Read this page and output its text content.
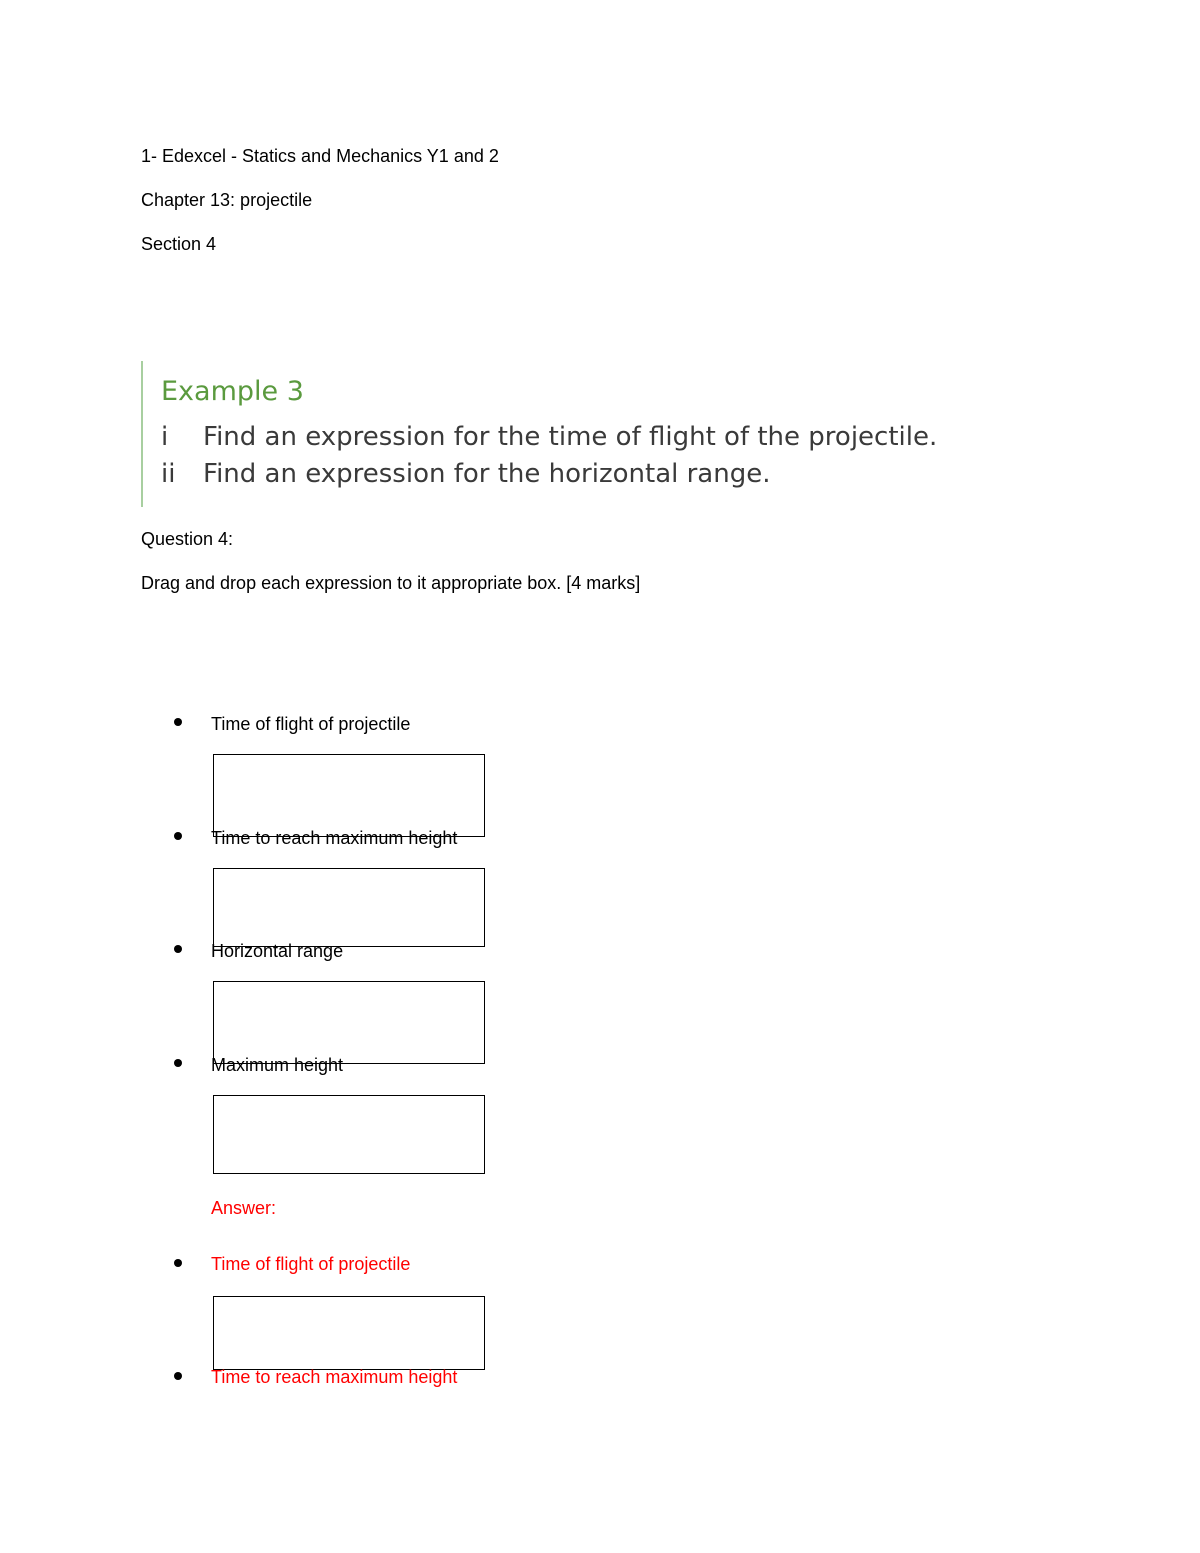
1- Edexcel - Statics and Mechanics Y1 and 2
Chapter 13: projectile
Section 4
Example 3
i Find an expression for the time of flight of the projectile.
ii Find an expression for the horizontal range.
Question 4:
Drag and drop each expression to it appropriate box. [4 marks]
Time of flight of projectile
Time to reach maximum height
Horizontal range
Maximum height
Answer:
Time of flight of projectile
Time to reach maximum height
